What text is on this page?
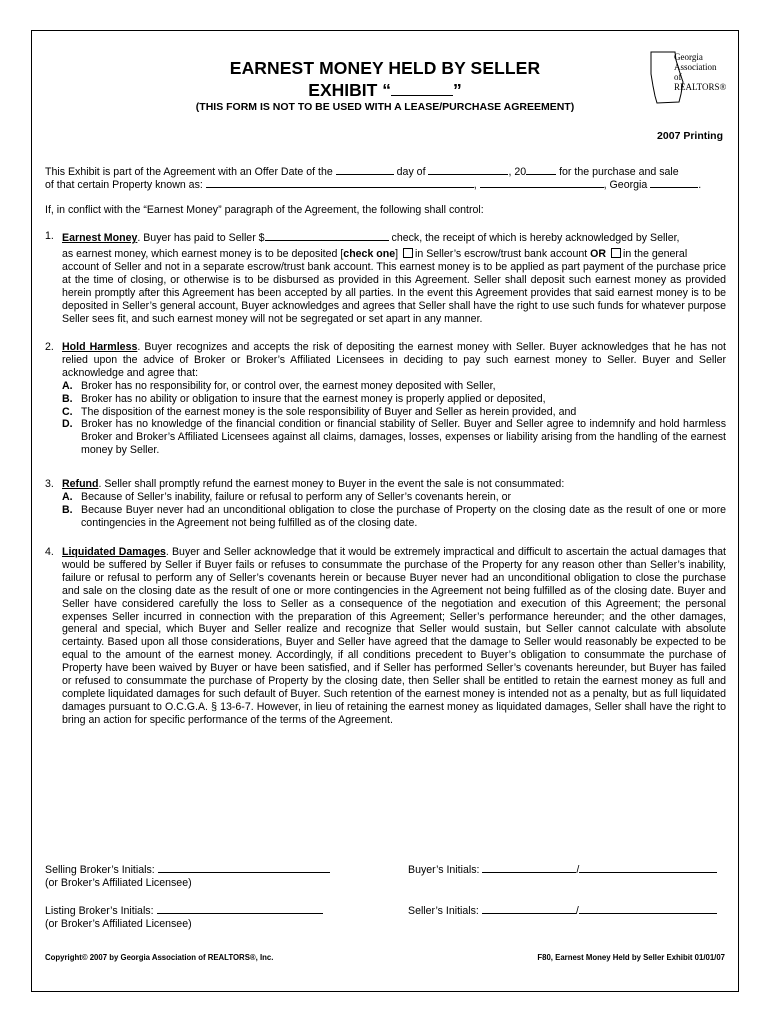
EARNEST MONEY HELD BY SELLER
EXHIBIT “	”
(THIS FORM IS NOT TO BE USED WITH A LEASE/PURCHASE AGREEMENT)
Georgia
Association
of REALTORS®
2007 Printing
This Exhibit is part of the Agreement with an Offer Date of the	day of	, 20	for the purchase and sale
of that certain Property known as:	,	, Georgia	.
If, in conflict with the “Earnest Money” paragraph of the Agreement, the following shall control:
1. Earnest Money. Buyer has paid to Seller $	check, the receipt of which is hereby acknowledged by Seller,
as earnest money, which earnest money is to be deposited [check one] in Seller’s escrow/trust bank account OR in the general
account of Seller and not in a separate escrow/trust bank account. This earnest money is to be applied as part payment of the purchase price at the time of closing, or otherwise is to be disbursed as provided in this Agreement. Seller shall deposit such earnest money as provided herein promptly after this Agreement has been accepted by all parties. In the event this Agreement provides that said earnest money is to be deposited in Seller’s general account, Buyer acknowledges and agrees that Seller shall have the right to use such funds for whatever purpose Seller sees fit, and such earnest money will not be segregated or set apart in any manner.
2. Hold Harmless. Buyer recognizes and accepts the risk of depositing the earnest money with Seller. Buyer acknowledges that he has not relied upon the advice of Broker or Broker’s Affiliated Licensees in deciding to pay such earnest money to Seller. Buyer and Seller acknowledge and agree that:
A. Broker has no responsibility for, or control over, the earnest money deposited with Seller,
B. Broker has no ability or obligation to insure that the earnest money is properly applied or deposited,
C. The disposition of the earnest money is the sole responsibility of Buyer and Seller as herein provided, and
D. Broker has no knowledge of the financial condition or financial stability of Seller. Buyer and Seller agree to indemnify and hold harmless Broker and Broker’s Affiliated Licensees against all claims, damages, losses, expenses or liability arising from the handling of the earnest money by Seller.
3. Refund. Seller shall promptly refund the earnest money to Buyer in the event the sale is not consummated:
A. Because of Seller’s inability, failure or refusal to perform any of Seller’s covenants herein, or
B. Because Buyer never had an unconditional obligation to close the purchase of Property on the closing date as the result of one or more contingencies in the Agreement not being fulfilled as of the closing date.
4. Liquidated Damages. Buyer and Seller acknowledge that it would be extremely impractical and difficult to ascertain the actual damages that would be suffered by Seller if Buyer fails or refuses to consummate the purchase of the Property for any reason other than Seller’s inability, failure or refusal to perform any of Seller’s covenants herein or because Buyer never had an unconditional obligation to close the purchase and sale on the closing date as the result of one or more contingencies in the Agreement not being fulfilled as of the closing date. Buyer and Seller have considered carefully the loss to Seller as a consequence of the negotiation and execution of this Agreement; the personal expenses Seller incurred in connection with the preparation of this Agreement; Seller’s performance hereunder; and the other damages, general and special, which Buyer and Seller realize and recognize that Seller would sustain, but Seller cannot calculate with absolute certainty. Based upon all those considerations, Buyer and Seller have agreed that the damage to Seller would reasonably be expected to be equal to the amount of the earnest money. Accordingly, if all conditions precedent to Buyer’s obligation to consummate the purchase of Property have been waived by Buyer or have been satisfied, and if Seller has performed Seller’s covenants hereunder, but Buyer has failed or refused to consummate the purchase of Property by the closing date, then Seller shall be entitled to retain the earnest money as full and complete liquidated damages for such default of Buyer. Such retention of the earnest money is intended not as a penalty, but as full liquidated damages pursuant to O.C.G.A. § 13-6-7. However, in lieu of retaining the earnest money as liquidated damages, Seller shall have the right to bring an action for specific performance of the terms of the Agreement.
Selling Broker’s Initials:
(or Broker’s Affiliated Licensee)
Buyer’s Initials:	/
Listing Broker’s Initials:
(or Broker’s Affiliated Licensee)
Seller’s Initials:	/
Copyright© 2007 by Georgia Association of REALTORS®, Inc.	F80, Earnest Money Held by Seller Exhibit 01/01/07
